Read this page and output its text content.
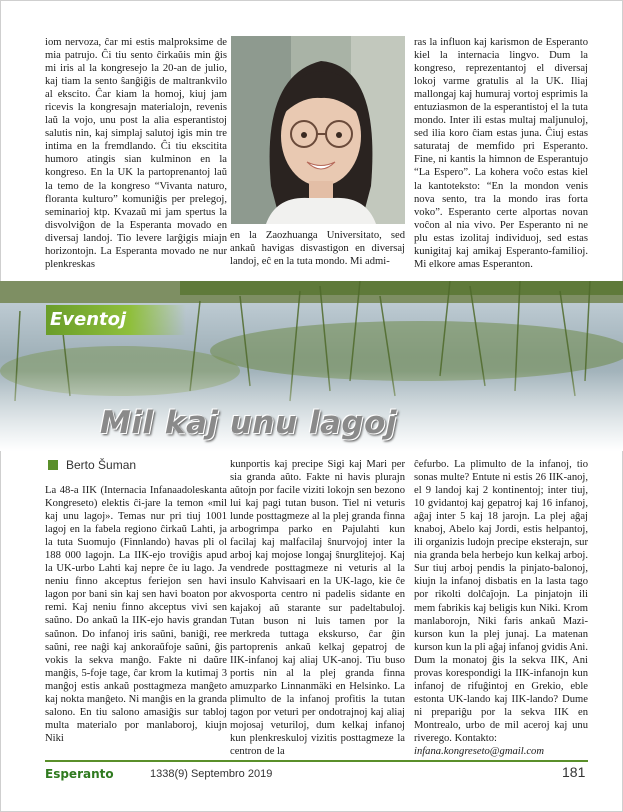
iom nervoza, ĉar mi estis malproksime de mia patrujo. Ĉi tiu sento ĉirkaŭis min ĝis mi iris al la kongresejo la 20-an de julio, kaj tiam la sento ŝanĝiĝis de maltrankvilo al ekscito. Ĉar kiam la homoj, kiuj jam ricevis la kongresajn materialojn, revenis laŭ la vojo, unu post la alia esperantistoj salutis nin, kaj simplaj salutoj igis min tre intima en la fremdlando. Ĉi tiu ekscitita humoro atingis sian kulminon en la kongreso. En la UK la partoprenantoj laŭ la temo de la kongreso “Vivanta naturo, floranta kulturo” komuniĝis per prelegoj, seminarioj ktp. Kvazaŭ mi jam spertus la disvolviĝon de la Esperanta movado en diversaj landoj. Tio levere larĝigis miajn horizontojn. La Esperanta movado ne nur plenkreskas

en la Zaozhuanga Universitato, sed ankaŭ havigas disvastigon en diversaj landoj, eĉ en la tuta mondo. Mi admi-

ras la influon kaj karismon de Esperanto kiel la internacia lingvo. Dum la kongreso, reprezentantoj el diversaj lokoj varme gratulis al la UK. Iliaj mallongaj kaj humuraj vortoj esprimis la entuziasmon de la esperantistoj el la tuta mondo. Inter ili estas multaj maljunuloj, sed ilia koro ĉiam estas juna. Ĉiuj estas saturataj de memfido pri Esperanto. Fine, ni kantis la himnon de Esperantujo “La Espero”. La kohera voĉo estas kiel la kantoteksto: “En la mondon venis nova sento, tra la mondo iras forta voko”. Esperanto certe alportas novan voĉon al nia vivo. Per Esperanto ni ne plu estas izolitaj individuoj, sed estas kunigitaj kaj amikaj Esperanto-familioj. Mi elkore amas Esperanton.

Eventoj
Mil kaj unu lagoj
Berto Šuman

La 48-a IIK (Internacia Infanaadoleskanta Kongreseto) elektis ĉi-jare la temon «mil kaj unu lagoj». Temas nur pri tiuj 1001 lagoj en la fabela regiono ĉirkaŭ Lahti, ja la tuta Suomujo (Finnlando) havas pli ol 188 000 lagojn. La IIK-ejo troviĝis apud la UK-urbo Lahti kaj nepre ĉe iu lago. Ja neniu finno akceptus feriejon sen havi lagon por bani sin kaj sen havi boaton por remi. Kaj neniu finno akceptus vivi sen saŭno. Do ankaŭ la IIK-ejo havis grandan saŭnon. Do infanoj iris saŭni, baniĝi, ree saŭni, ree naĝi kaj ankoraŭfoje saŭni, ĝis vokis la sekva manĝo. Fakte ni daŭre manĝis, 5-foje tage, ĉar krom la kutimaj 3 manĝoj estis ankaŭ posttagmeza manĝeto kaj nokta manĝeto. Ni manĝis en la granda salono. En tiu salono amasiĝis sur tabloj multa materialo por manlaboroj, kiujn Niki

kunportis kaj precipe Sigi kaj Mari per sia granda aŭto. Fakte ni havis plurajn aŭtojn por facile viziti lokojn sen bezono lui kaj pagi tutan buson. Tiel ni veturis lunde posttagmeze al la plej granda finna arbogrimpa parko en Pajulahti kun facilaj kaj malfacilaj ŝnurvojoj inter la arboj kaj mojose longaj ŝnurglitejoj. Kaj vendrede posttagmeze ni veturis al la insulo Kahvisaari en la UK-lago, kie ĉe akvosporta centro ni padelis sidante en kajakoj aŭ starante sur padeltabuloj. Tutan buson ni luis tamen por la merkreda tuttaga ekskurso, ĉar ĝin partoprenis ankaŭ kelkaj gepatroj de IIK-infanoj kaj aliaj UK-anoj. Tiu buso portis nin al la plej granda finna amuzparko Linnanmäki en Helsinko. La plimulto de la infanoj profitis la tutan tagon por veturi per ondotrajnoj kaj aliaj mojosaj veturiloj, dum kelkaj infanoj kun plenkreskuloj vizitis posttagmeze la centron de la

ĉefurbo. La plimulto de la infanoj, tio sonas multe? Entute ni estis 26 IIK-anoj, el 9 landoj kaj 2 kontinentoj; inter tiuj, 10 gvidantoj kaj gepatroj kaj 16 infanoj, aĝaj inter 5 kaj 18 jarojn. La plej aĝaj knaboj, Abelo kaj Jordi, estis helpantoj, ili organizis ludojn precipe eksterajn, sur nia granda bela herbejo kun kelkaj arboj. Sur tiuj arboj pendis la pinjato-balonoj, kiujn la infanoj disbatis en la lasta tago por rikolti dolĉaĵojn. La pinjatojn ili mem fabrikis kaj beligis kun Niki. Krom manlaborojn, Niki faris ankaŭ Mazi-kurson kun la plej junaj. La matenan kurson kun la pli aĝaj infanoj gvidis Ani. Dum la monatoj ĝis la sekva IIK, Ani provas korespondigi la IIK-infanojn kun infanoj de rifuĝintoj en Grekio, eble estonta UK-lando kaj IIK-lando? Dume ni prepariĝu por la sekva IIK en Montrealo, urbo de mil aceroj kaj unu riverego. Kontakto:

infana.kongreseto@gmail.com

Esperanto	1338(9) Septembro 2019	181
